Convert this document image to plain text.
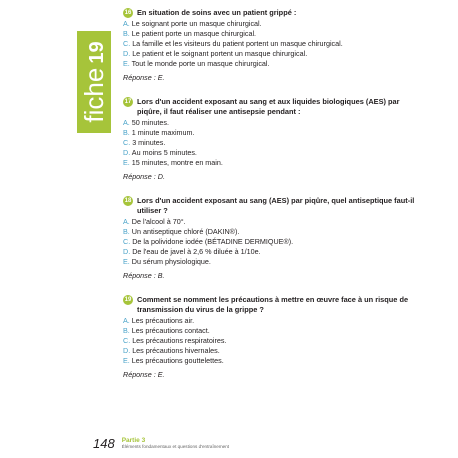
fiche
19
16 En situation de soins avec un patient grippé :
A. Le soignant porte un masque chirurgical.
B. Le patient porte un masque chirurgical.
C. La famille et les visiteurs du patient portent un masque chirurgical.
D. Le patient et le soignant portent un masque chirurgical.
E. Tout le monde porte un masque chirurgical.
Réponse : E.
17 Lors d'un accident exposant au sang et aux liquides biologiques (AES) par piqûre, il faut réaliser une antisepsie pendant :
A. 50 minutes.
B. 1 minute maximum.
C. 3 minutes.
D. Au moins 5 minutes.
E. 15 minutes, montre en main.
Réponse : D.
18 Lors d'un accident exposant au sang (AES) par piqûre, quel antiseptique faut-il utiliser ?
A. De l'alcool à 70°.
B. Un antiseptique chloré (DAKIN®).
C. De la polividone iodée (BÉTADINE DERMIQUE®).
D. De l'eau de javel à 2,6 % diluée à 1/10e.
E. Du sérum physiologique.
Réponse : B.
19 Comment se nomment les précautions à mettre en œuvre face à un risque de transmission du virus de la grippe ?
A. Les précautions air.
B. Les précautions contact.
C. Les précautions respiratoires.
D. Les précautions hivernales.
E. Les précautions gouttelettes.
Réponse : E.
148 Partie 3
Éléments fondamentaux et questions d'entraînement
